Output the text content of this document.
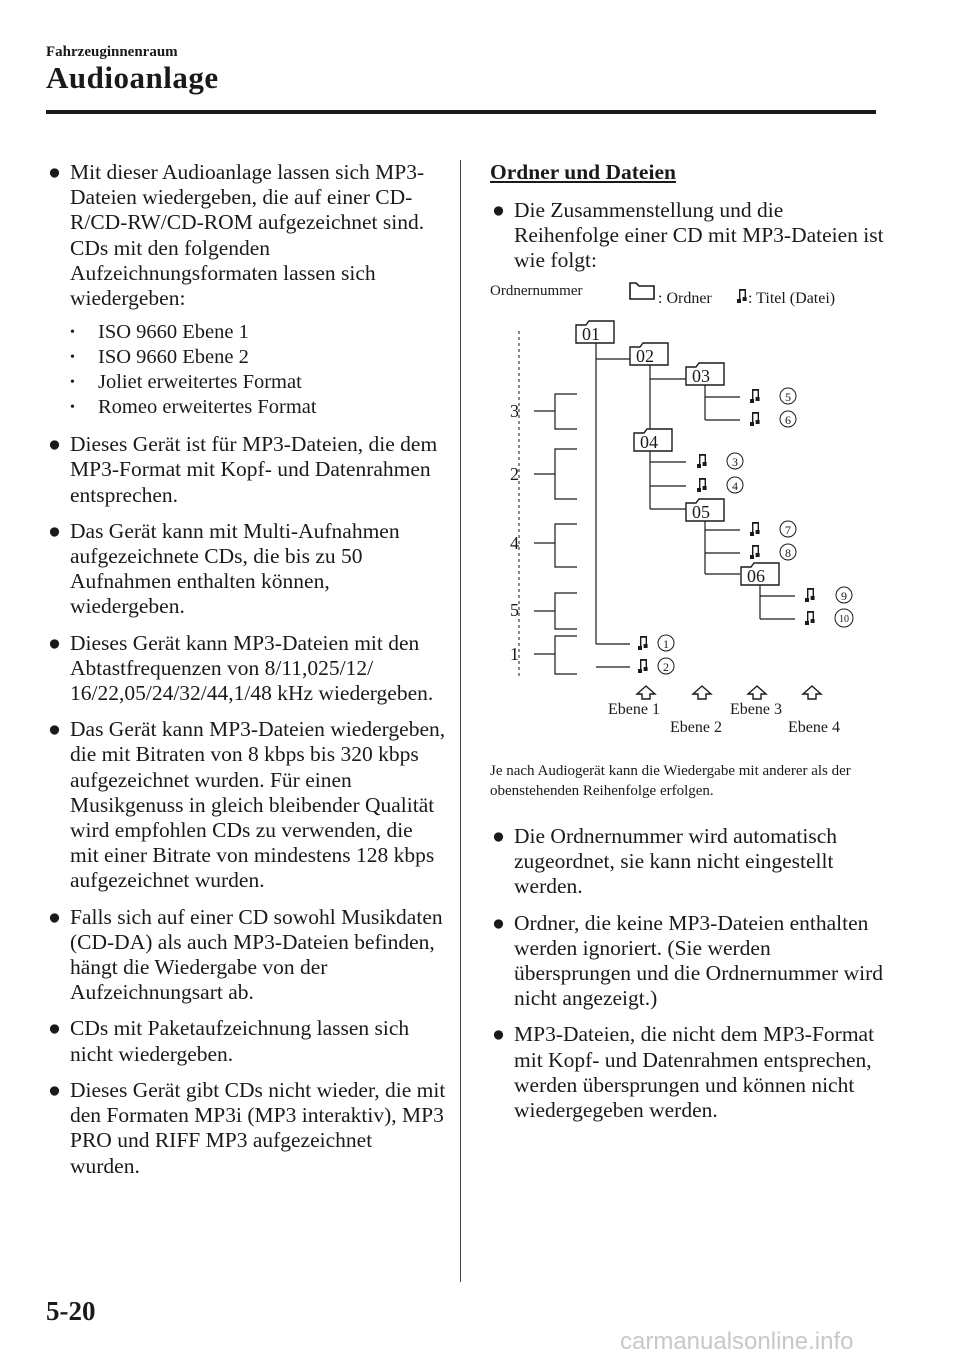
Fahrzeuginnenraum
Audioanlage
● Mit dieser Audioanlage lassen sich MP3-Dateien wiedergeben, die auf einer CD-R/CD-RW/CD-ROM aufgezeichnet sind. CDs mit den folgenden Aufzeichnungsformaten lassen sich wiedergeben:
• ISO 9660 Ebene 1
• ISO 9660 Ebene 2
• Joliet erweitertes Format
• Romeo erweitertes Format
● Dieses Gerät ist für MP3-Dateien, die dem MP3-Format mit Kopf- und Datenrahmen entsprechen.
● Das Gerät kann mit Multi-Aufnahmen aufgezeichnete CDs, die bis zu 50 Aufnahmen enthalten können, wiedergeben.
● Dieses Gerät kann MP3-Dateien mit den Abtastfrequenzen von 8/11,025/12/ 16/22,05/24/32/44,1/48 kHz wiedergeben.
● Das Gerät kann MP3-Dateien wiedergeben, die mit Bitraten von 8 kbps bis 320 kbps aufgezeichnet wurden. Für einen Musikgenuss in gleich bleibender Qualität wird empfohlen CDs zu verwenden, die mit einer Bitrate von mindestens 128 kbps aufgezeichnet wurden.
● Falls sich auf einer CD sowohl Musikdaten (CD-DA) als auch MP3-Dateien befinden, hängt die Wiedergabe von der Aufzeichnungsart ab.
● CDs mit Paketaufzeichnung lassen sich nicht wiedergeben.
● Dieses Gerät gibt CDs nicht wieder, die mit den Formaten MP3i (MP3 interaktiv), MP3 PRO und RIFF MP3 aufgezeichnet wurden.
Ordner und Dateien
● Die Zusammenstellung und die Reihenfolge einer CD mit MP3-Dateien ist wie folgt:
Ordnernummer	: Ordner : Titel (Datei)
01
02
03
04
05
06
5
6
3
4
7
8
9
10
1
2
3
2
4
5
1
Ebene 1
Ebene 2
Ebene 3
Ebene 4
Je nach Audiogerät kann die Wiedergabe mit anderer als der obenstehenden Reihenfolge erfolgen.
● Die Ordnernummer wird automatisch zugeordnet, sie kann nicht eingestellt werden.
● Ordner, die keine MP3-Dateien enthalten werden ignoriert. (Sie werden übersprungen und die Ordnernummer wird nicht angezeigt.)
● MP3-Dateien, die nicht dem MP3-Format mit Kopf- und Datenrahmen entsprechen, werden übersprungen und können nicht wiedergegeben werden.
5-20
carmanualsonline.info
